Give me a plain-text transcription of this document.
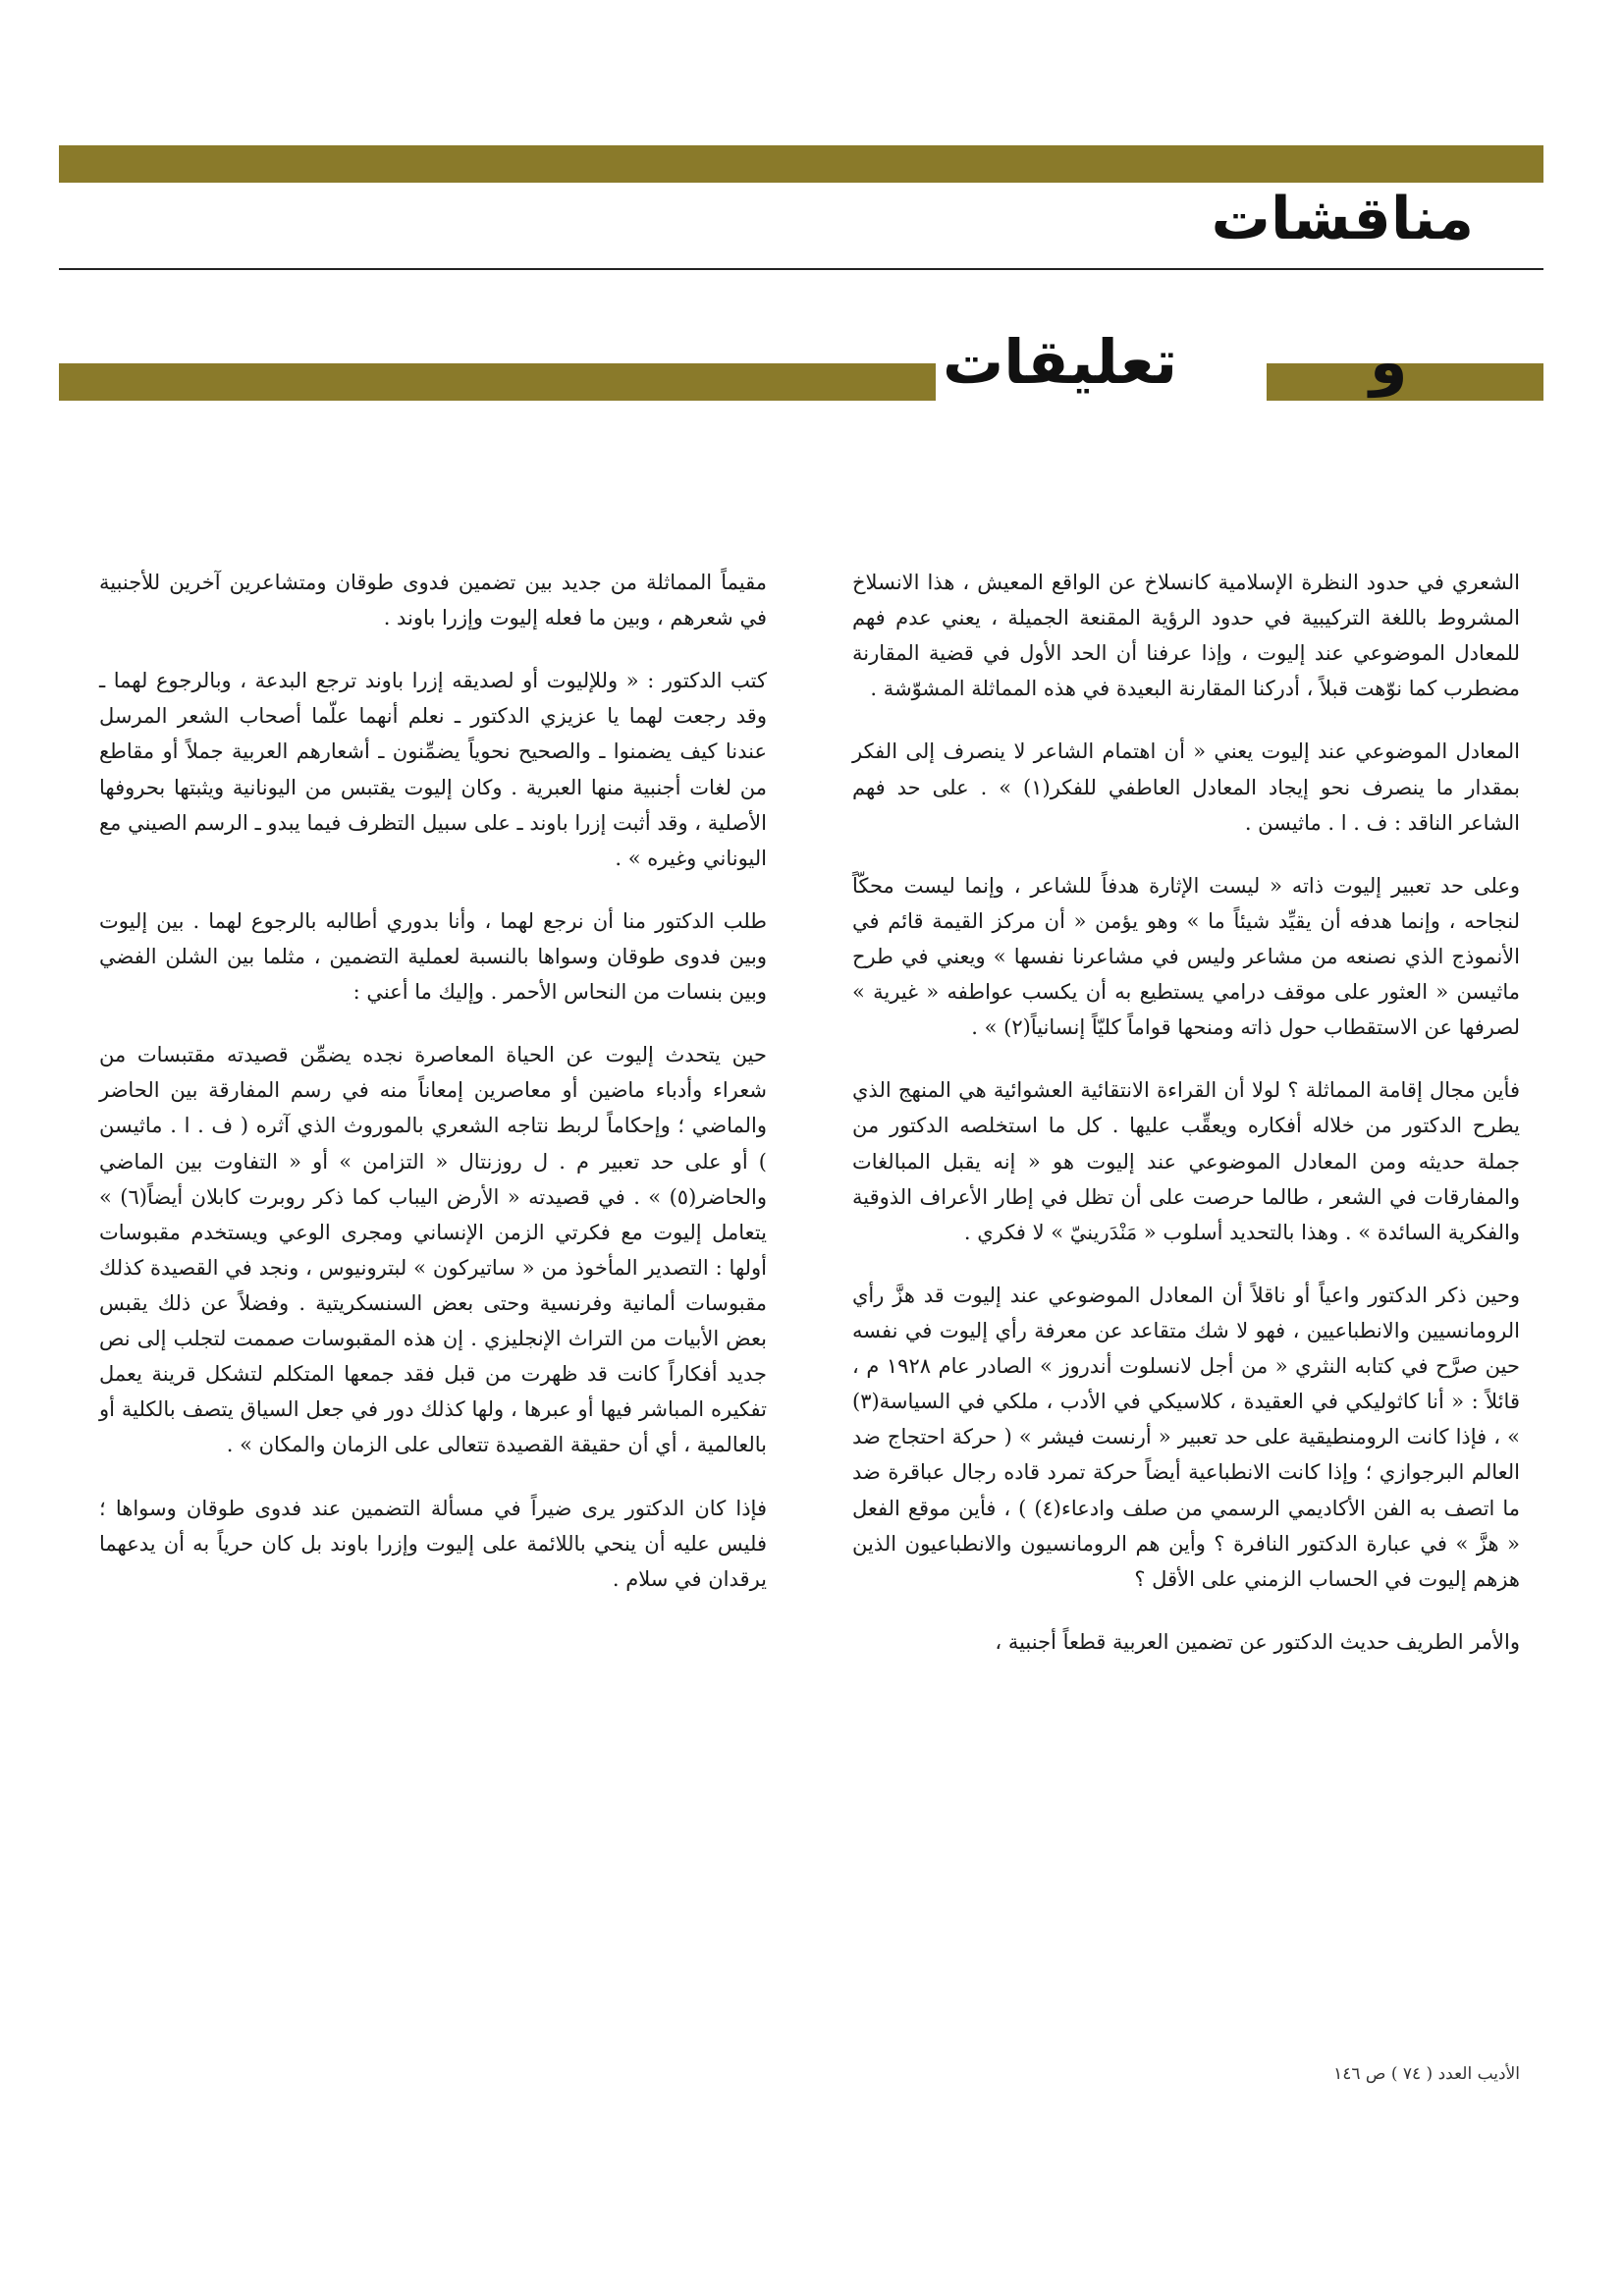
مناقشات
و
تعليقات

الشعري في حدود النظرة الإسلامية كانسلاخ عن الواقع المعيش ، هذا الانسلاخ المشروط باللغة التركيبية في حدود الرؤية المقنعة الجميلة ، يعني عدم فهم للمعادل الموضوعي عند إليوت ، وإذا عرفنا أن الحد الأول في قضية المقارنة مضطرب كما نوّهت قبلاً ، أدركنا المقارنة البعيدة في هذه المماثلة المشوّشة .

المعادل الموضوعي عند إليوت يعني « أن اهتمام الشاعر لا ينصرف إلى الفكر بمقدار ما ينصرف نحو إيجاد المعادل العاطفي للفكر(١) » . على حد فهم الشاعر الناقد : ف . ا . ماثيسن .

وعلى حد تعبير إليوت ذاته « ليست الإثارة هدفاً للشاعر ، وإنما ليست محكّاً لنجاحه ، وإنما هدفه أن يقيِّد شيئاً ما » وهو يؤمن « أن مركز القيمة قائم في الأنموذج الذي نصنعه من مشاعر وليس في مشاعرنا نفسها » ويعني في طرح ماثيسن « العثور على موقف درامي يستطيع به أن يكسب عواطفه « غيرية » لصرفها عن الاستقطاب حول ذاته ومنحها قواماً كليّاً إنسانياً(٢) » .

فأين مجال إقامة المماثلة ؟ لولا أن القراءة الانتقائية العشوائية هي المنهج الذي يطرح الدكتور من خلاله أفكاره ويعقِّب عليها . كل ما استخلصه الدكتور من جملة حديثه ومن المعادل الموضوعي عند إليوت هو « إنه يقبل المبالغات والمفارقات في الشعر ، طالما حرصت على أن تظل في إطار الأعراف الذوقية والفكرية السائدة » . وهذا بالتحديد أسلوب « مَنْدَرينيّ » لا فكري .

وحين ذكر الدكتور واعياً أو ناقلاً أن المعادل الموضوعي عند إليوت قد هزَّ رأي الرومانسيين والانطباعيين ، فهو لا شك متقاعد عن معرفة رأي إليوت في نفسه حين صرَّح في كتابه النثري « من أجل لانسلوت أندروز » الصادر عام ١٩٢٨ م ، قائلاً : « أنا كاثوليكي في العقيدة ، كلاسيكي في الأدب ، ملكي في السياسة(٣) » ، فإذا كانت الرومنطيقية على حد تعبير « أرنست فيشر » ( حركة احتجاج ضد العالم البرجوازي ؛ وإذا كانت الانطباعية أيضاً حركة تمرد قاده رجال عباقرة ضد ما اتصف به الفن الأكاديمي الرسمي من صلف وادعاء(٤) ) ، فأين موقع الفعل « هزَّ » في عبارة الدكتور النافرة ؟ وأين هم الرومانسيون والانطباعيون الذين هزهم إليوت في الحساب الزمني على الأقل ؟

والأمر الطريف حديث الدكتور عن تضمين العربية قطعاً أجنبية ،

مقيماً المماثلة من جديد بين تضمين فدوى طوقان ومتشاعرين آخرين للأجنبية في شعرهم ، وبين ما فعله إليوت وإزرا باوند .

كتب الدكتور : « وللإليوت أو لصديقه إزرا باوند ترجع البدعة ، وبالرجوع لهما ـ وقد رجعت لهما يا عزيزي الدكتور ـ نعلم أنهما علّما أصحاب الشعر المرسل عندنا كيف يضمنوا ـ والصحيح نحوياً يضمِّنون ـ أشعارهم العربية جملاً أو مقاطع من لغات أجنبية منها العبرية . وكان إليوت يقتبس من اليونانية ويثبتها بحروفها الأصلية ، وقد أثبت إزرا باوند ـ على سبيل التظرف فيما يبدو ـ الرسم الصيني مع اليوناني وغيره » .

طلب الدكتور منا أن نرجع لهما ، وأنا بدوري أطالبه بالرجوع لهما . بين إليوت وبين فدوى طوقان وسواها بالنسبة لعملية التضمين ، مثلما بين الشلن الفضي وبين بنسات من النحاس الأحمر . وإليك ما أعني :

حين يتحدث إليوت عن الحياة المعاصرة نجده يضمِّن قصيدته مقتبسات من شعراء وأدباء ماضين أو معاصرين إمعاناً منه في رسم المفارقة بين الحاضر والماضي ؛ وإحكاماً لربط نتاجه الشعري بالموروث الذي آثره ( ف . ا . ماثيسن ) أو على حد تعبير م . ل روزنتال « التزامن » أو « التفاوت بين الماضي والحاضر(٥) » . في قصيدته « الأرض اليباب كما ذكر روبرت كابلان أيضاً(٦) » يتعامل إليوت مع فكرتي الزمن الإنساني ومجرى الوعي ويستخدم مقبوسات أولها : التصدير المأخوذ من « ساتيركون » لبترونيوس ، ونجد في القصيدة كذلك مقبوسات ألمانية وفرنسية وحتى بعض السنسكريتية . وفضلاً عن ذلك يقبس بعض الأبيات من التراث الإنجليزي . إن هذه المقبوسات صممت لتجلب إلى نص جديد أفكاراً كانت قد ظهرت من قبل فقد جمعها المتكلم لتشكل قرينة يعمل تفكيره المباشر فيها أو عبرها ، ولها كذلك دور في جعل السياق يتصف بالكلية أو بالعالمية ، أي أن حقيقة القصيدة تتعالى على الزمان والمكان » .

فإذا كان الدكتور يرى ضيراً في مسألة التضمين عند فدوى طوقان وسواها ؛ فليس عليه أن ينحي باللائمة على إليوت وإزرا باوند بل كان حرياً به أن يدعهما يرقدان في سلام .

الأديب العدد ( ٧٤ ) ص ١٤٦
